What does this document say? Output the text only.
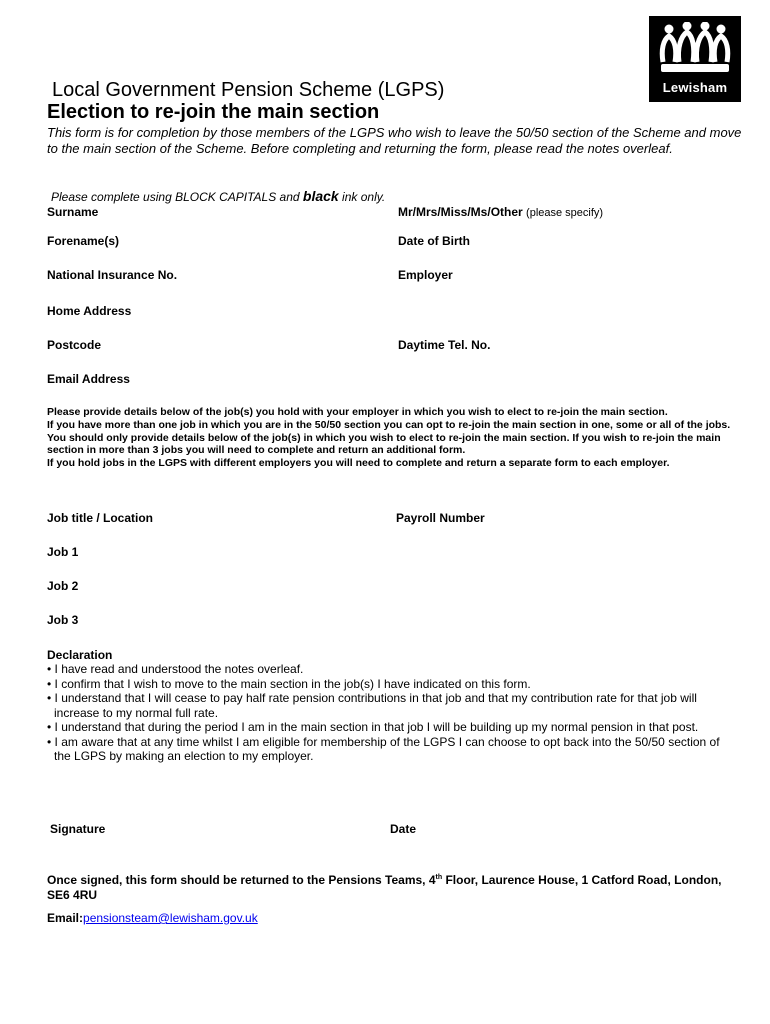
Lewisham
Local Government Pension Scheme (LGPS)
Election to re-join the main section
This form is for completion by those members of the LGPS who wish to leave the 50/50 section of the Scheme and move to the main section of the Scheme. Before completing and returning the form, please read the notes overleaf.
Please complete using BLOCK CAPITALS and black ink only.
Surname	Mr/Mrs/Miss/Ms/Other (please specify)
Forename(s)	Date of Birth
National Insurance No.	Employer
Home Address
Postcode	Daytime Tel. No.
Email Address
Please provide details below of the job(s) you hold with your employer in which you wish to elect to re-join the main section.
If you have more than one job in which you are in the 50/50 section you can opt to re-join the main section in one, some or all of the jobs. You should only provide details below of the job(s) in which you wish to elect to re-join the main section. If you wish to re-join the main section in more than 3 jobs you will need to complete and return an additional form.
If you hold jobs in the LGPS with different employers you will need to complete and return a separate form to each employer.
Job title / Location	Payroll Number
Job 1
Job 2
Job 3
Declaration
• I have read and understood the notes overleaf.
• I confirm that I wish to move to the main section in the job(s) I have indicated on this form.
• I understand that I will cease to pay half rate pension contributions in that job and that my contribution rate for that job will increase to my normal full rate.
• I understand that during the period I am in the main section in that job I will be building up my normal pension in that post.
• I am aware that at any time whilst I am eligible for membership of the LGPS I can choose to opt back into the 50/50 section of the LGPS by making an election to my employer.
Signature	Date
Once signed, this form should be returned to the Pensions Teams, 4th Floor, Laurence House, 1 Catford Road, London, SE6 4RU
Email:pensionsteam@lewisham.gov.uk
